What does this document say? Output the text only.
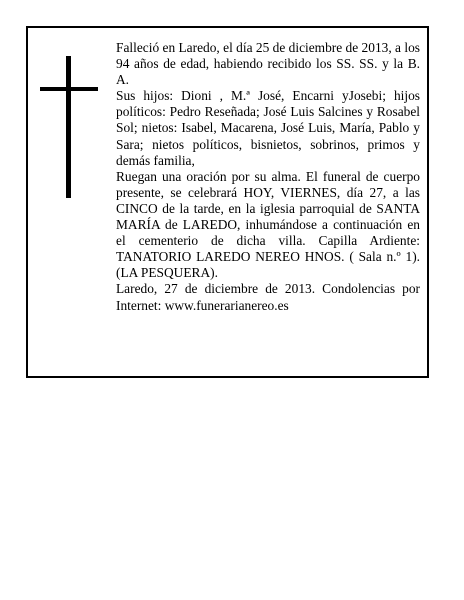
Falleció en Laredo, el día 25 de diciembre de 2013, a los 94 años de edad, habiendo recibido los SS. SS. y la B. A.

Sus hijos: Dioni , M.ª José, Encarni yJosebi; hijos políticos: Pedro Reseñada; José Luis Salcines y Rosabel Sol; nietos: Isabel, Macarena, José Luis, María, Pablo y Sara; nietos políticos, bisnietos, sobrinos, primos y demás familia,

Ruegan una oración por su alma. El funeral de cuerpo presente, se celebrará HOY, VIERNES, día 27, a las CINCO de la tarde, en la iglesia parroquial de SANTA MARÍA de LAREDO, inhumándose a continuación en el cementerio de dicha villa. Capilla Ardiente: TANATORIO LAREDO NEREO HNOS. ( Sala n.º 1). (LA PESQUERA).

Laredo, 27 de diciembre de 2013. Condolencias por Internet: www.funerarianereo.es
